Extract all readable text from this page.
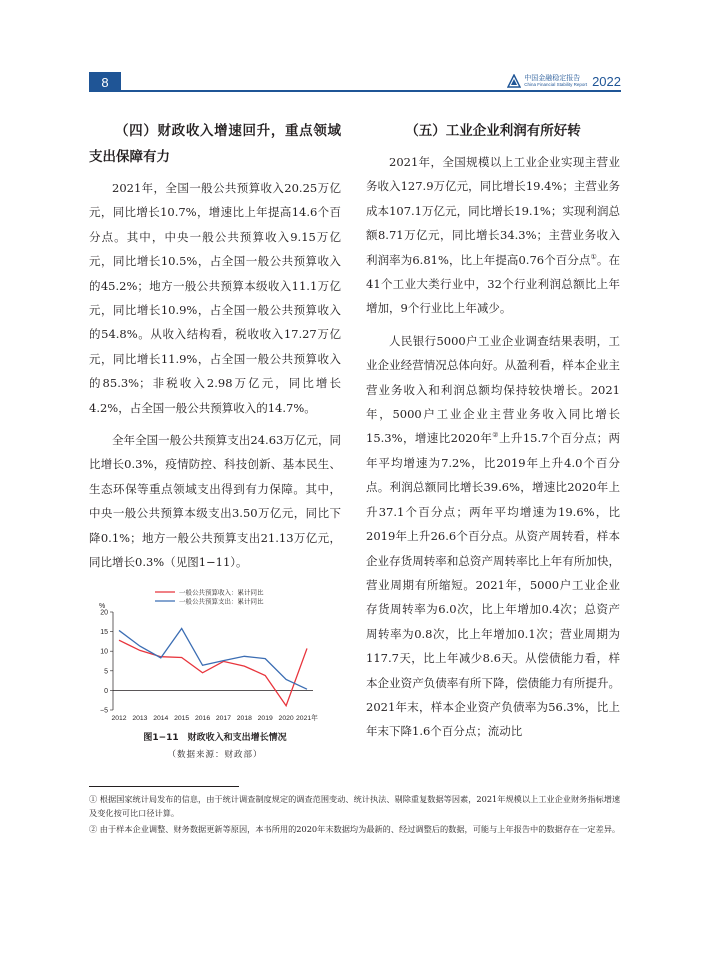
8	中国金融稳定报告
China Financial Stability Report 2022
（四）财政收入增速回升，重点领域支出保障有力

2021年，全国一般公共预算收入20.25万亿元，同比增长10.7%，增速比上年提高14.6个百分点。其中，中央一般公共预算收入9.15万亿元，同比增长10.5%，占全国一般公共预算收入的45.2%；地方一般公共预算本级收入11.1万亿元，同比增长10.9%，占全国一般公共预算收入的54.8%。从收入结构看，税收收入17.27万亿元，同比增长11.9%，占全国一般公共预算收入的85.3%；非税收入2.98万亿元，同比增长4.2%，占全国一般公共预算收入的14.7%。

全年全国一般公共预算支出24.63万亿元，同比增长0.3%，疫情防控、科技创新、基本民生、生态环保等重点领域支出得到有力保障。其中，中央一般公共预算本级支出3.50万亿元，同比下降0.1%；地方一般公共预算支出21.13万亿元，同比增长0.3%（见图1−11）。

一般公共预算收入：累计同比
一般公共预算支出：累计同比
%
−5
0
5
10
15
20
2012 2013 2014 2015 2016 2017 2018 2019 2020 2021年
图1−11　财政收入和支出增长情况
（数据来源：财政部）
（五）工业企业利润有所好转

2021年，全国规模以上工业企业实现主营业务收入127.9万亿元，同比增长19.4%；主营业务成本107.1万亿元，同比增长19.1%；实现利润总额8.71万亿元，同比增长34.3%；主营业务收入利润率为6.81%，比上年提高0.76个百分点①。在41个工业大类行业中，32个行业利润总额比上年增加，9个行业比上年减少。

人民银行5000户工业企业调查结果表明，工业企业经营情况总体向好。从盈利看，样本企业主营业务收入和利润总额均保持较快增长。2021年，5000户工业企业主营业务收入同比增长15.3%，增速比2020年②上升15.7个百分点；两年平均增速为7.2%，比2019年上升4.0个百分点。利润总额同比增长39.6%，增速比2020年上升37.1个百分点；两年平均增速为19.6%，比2019年上升26.6个百分点。从资产周转看，样本企业存货周转率和总资产周转率比上年有所加快，营业周期有所缩短。2021年，5000户工业企业存货周转率为6.0次，比上年增加0.4次；总资产周转率为0.8次，比上年增加0.1次；营业周期为117.7天，比上年减少8.6天。从偿债能力看，样本企业资产负债率有所下降，偿债能力有所提升。2021年末，样本企业资产负债率为56.3%，比上年末下降1.6个百分点；流动比

① 根据国家统计局发布的信息，由于统计调查制度规定的调查范围变动、统计执法、剔除重复数据等因素，2021年规模以上工业企业财务指标增速及变化按可比口径计算。
② 由于样本企业调整、财务数据更新等原因，本书所用的2020年末数据均为最新的、经过调整后的数据，可能与上年报告中的数据存在一定差异。
